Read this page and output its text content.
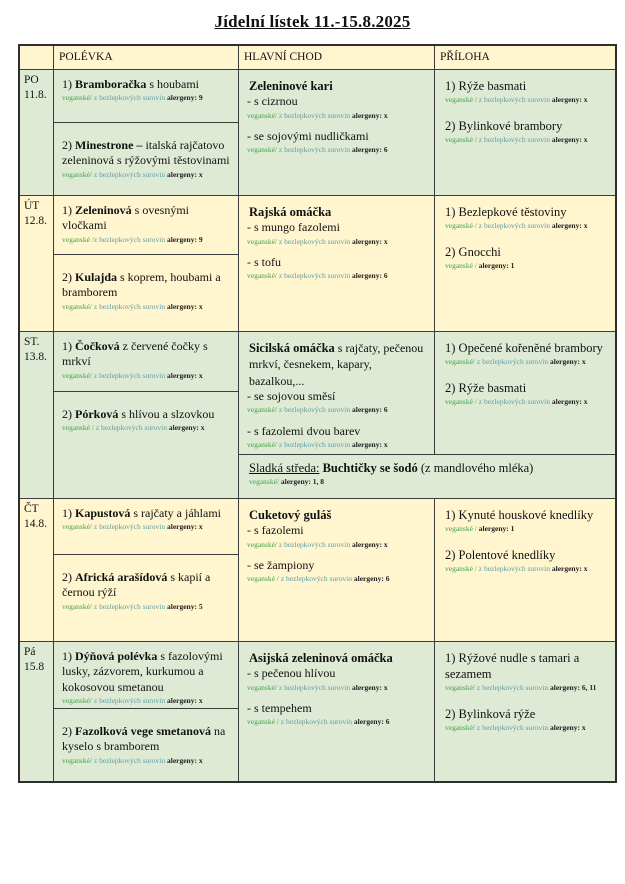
Jídelní lístek 11.-15.8.2025
POLÉVKA	HLAVNÍ CHOD	PŘÍLOHA
PO
11.8.
1) Bramboračka s houbami
veganské/ z bezlepkových surovin alergeny: 9
2) Minestrone – italská rajčatovo zeleninová s rýžovými těstovinami
veganské/ z bezlepkových surovin alergeny: x
Zeleninové kari
- s cizrnou
veganské/ z bezlepkových surovin alergeny: x
- se sojovými nudličkami
veganské/ z bezlepkových surovin alergeny: 6
1) Rýže basmati
veganské / z bezlepkových surovin alergeny: x
2) Bylinkové brambory
veganské / z bezlepkových surovin alergeny: x
ÚT
12.8.
1) Zeleninová s ovesnými vločkami
veganské /z bezlepkových surovin alergeny: 9
2) Kulajda s koprem, houbami a bramborem
veganské/ z bezlepkových surovin alergeny: x
Rajská omáčka
- s mungo fazolemi
veganské/ z bezlepkových surovin alergeny: x
- s tofu
veganské/ z bezlepkových surovin alergeny: 6
1) Bezlepkové těstoviny
veganské / z bezlepkových surovin alergeny: x
2) Gnocchi
veganské / alergeny: 1
ST.
13.8.
1) Čočková z červené čočky s mrkví
veganské/ z bezlepkových surovin alergeny: x
2) Pórková s hlívou a slzovkou
veganské / z bezlepkových surovin alergeny: x
Sicilská omáčka s rajčaty, pečenou mrkví, česnekem, kapary, bazalkou,...
- se sojovou směsí
veganské/ z bezlepkových surovin alergeny: 6
- s fazolemi dvou barev
veganské/ z bezlepkových surovin alergeny: x
1) Opečené kořeněné brambory
veganské/ z bezlepkových surovin alergeny: x
2) Rýže basmati
veganské / z bezlepkových surovin alergeny: x
Sladká středa: Buchtičky se šodó (z mandlového mléka)
veganské/ alergeny: 1, 8
ČT
14.8.
1) Kapustová s rajčaty a jáhlami
veganské/ z bezlepkových surovin alergeny: x
2) Africká arašídová s kapií a černou rýží
veganské/ z bezlepkových surovin alergeny: 5
Cuketový guláš
- s fazolemi
veganské/ z bezlepkových surovin alergeny: x
- se žampiony
veganské / z bezlepkových surovin alergeny: 6
1) Kynuté houskové knedlíky
veganské / alergeny: 1
2) Polentové knedlíky
veganské / z bezlepkových surovin alergeny: x
Pá
15.8
1) Dýňová polévka s fazolovými lusky, zázvorem, kurkumou a kokosovou smetanou
veganské/ z bezlepkových surovin alergeny: x
2) Fazolková vege smetanová na kyselo s bramborem
veganské/ z bezlepkových surovin alergeny: x
Asijská zeleninová omáčka
- s pečenou hlívou
veganské/ z bezlepkových surovin alergeny: x
- s tempehem
veganské / z bezlepkových surovin alergeny: 6
1) Rýžové nudle s tamari a sezamem
veganské/ z bezlepkových surovin alergeny: 6, 11
2) Bylinková rýže
veganské/ z bezlepkových surovin alergeny: x
